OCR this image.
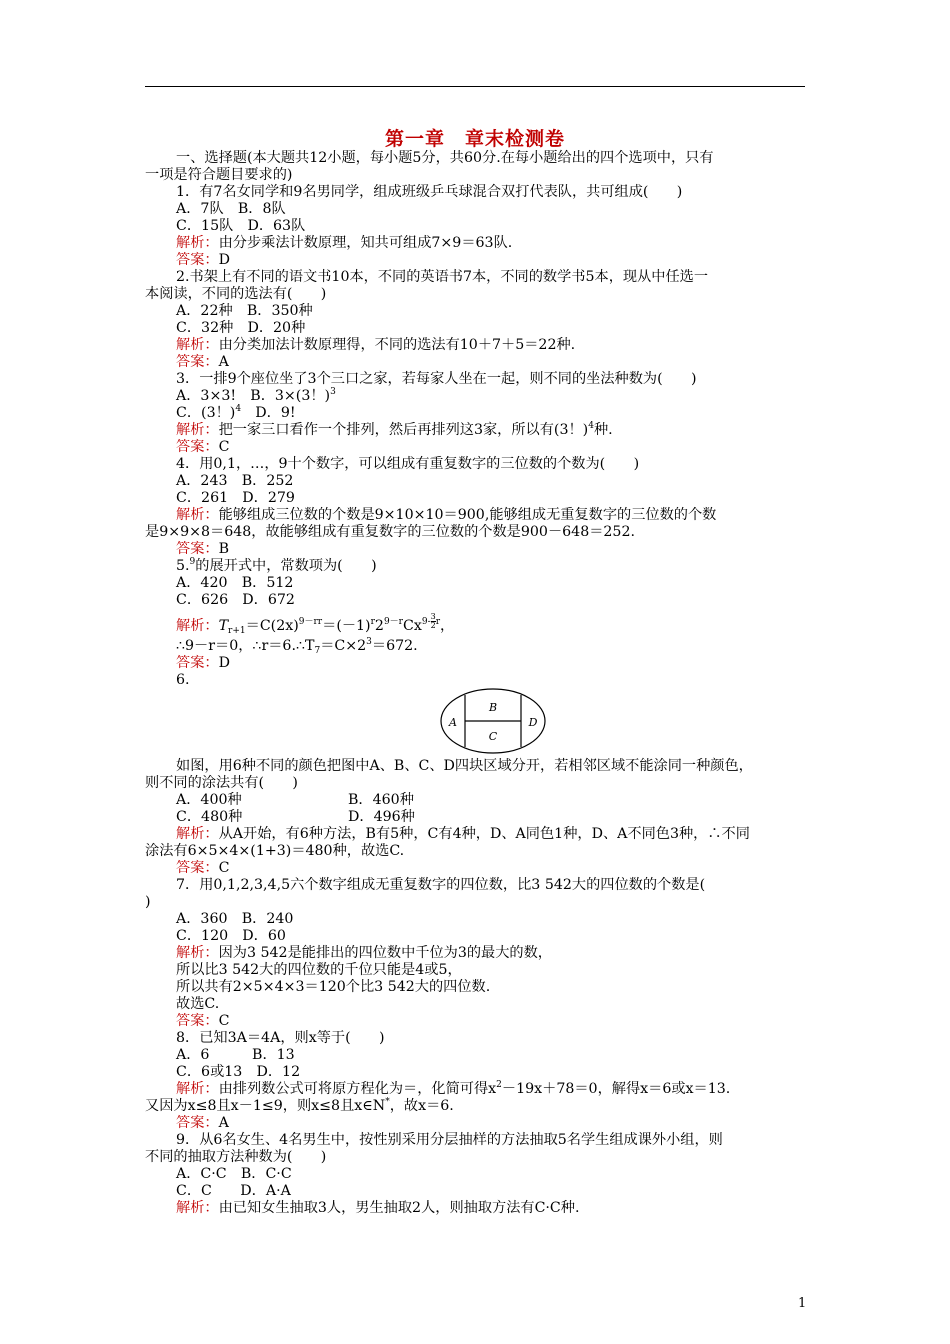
第一章　章末检测卷
一、选择题(本大题共12小题，每小题5分，共60分.在每小题给出的四个选项中，只有
一项是符合题目要求的)
1．有7名女同学和9名男同学，组成班级乒乓球混合双打代表队，共可组成(　　)
A．7队　B．8队
C．15队　D．63队
解析：由分步乘法计数原理，知共可组成7×9＝63队.
答案：D
2.书架上有不同的语文书10本，不同的英语书7本，不同的数学书5本，现从中任选一
本阅读，不同的选法有(　　)
A．22种　B．350种
C．32种　D．20种
解析：由分类加法计数原理得，不同的选法有10＋7＋5＝22种.
答案：A
3．一排9个座位坐了3个三口之家，若每家人坐在一起，则不同的坐法种数为(　　)
A．3×3!　B．3×(3！)$^3$
C．(3！)$^4$　D．9!
解析：把一家三口看作一个排列，然后再排列这3家，所以有(3！)$^4$种.
答案：C
4．用0,1，…，9十个数字，可以组成有重复数字的三位数的个数为(　　)
A．243　B．252
C．261　D．279
解析：能够组成三位数的个数是9×10×10＝900,能够组成无重复数字的三位数的个数
是9×9×8＝648，故能够组成有重复数字的三位数的个数是900－648＝252.
答案：B
5.$^9$的展开式中，常数项为(　　)
A．420　B．512
C．626　D．672
解析：$T_{r+1}=C(2x)^{9-rr}=(-1)^r2^{9-r}Cx^{9- \frac{3}{2} r}$，
∴9－r＝0，$\therefore r=6.\therefore T_7=C\times 2^3=672$.
答案：D
6.
A
B
C
D
如图，用6种不同的颜色把图中A、B、C、D四块区域分开，若相邻区域不能涂同一种颜色，
则不同的涂法共有(　　)
A．400种	B．460种
C．480种	D．496种
解析：从A开始，有6种方法，B有5种，C有4种，D、A同色1种，D、A不同色3种，∴不同
涂法有6×5×4×(1+3)＝480种，故选C.
答案：C
7．用0,1,2,3,4,5六个数字组成无重复数字的四位数，比3 542大的四位数的个数是(
)
A．360　B．240
C．120　D．60
解析：因为3 542是能排出的四位数中千位为3的最大的数，
所以比3 542大的四位数的千位只能是4或5，
所以共有2×5×4×3＝120个比3 542大的四位数.
故选C.
答案：C
8．已知3A＝4A，则x等于(　　)
A．6　　　B．13
C．6或13　D．12
解析：由排列数公式可将原方程化为＝，化简可得$x^2-19x+78=0$，解得x＝6或x＝13.
又因为x≤8且x－1≤9，则x≤8且x∈N*，故x＝6.
答案：A
9．从6名女生、4名男生中，按性别采用分层抽样的方法抽取5名学生组成课外小组，则
不同的抽取方法种数为(　　)
A．C·C　B．C·C
C．C　　D．A·A
解析：由已知女生抽取3人，男生抽取2人，则抽取方法有C·C种.
1
